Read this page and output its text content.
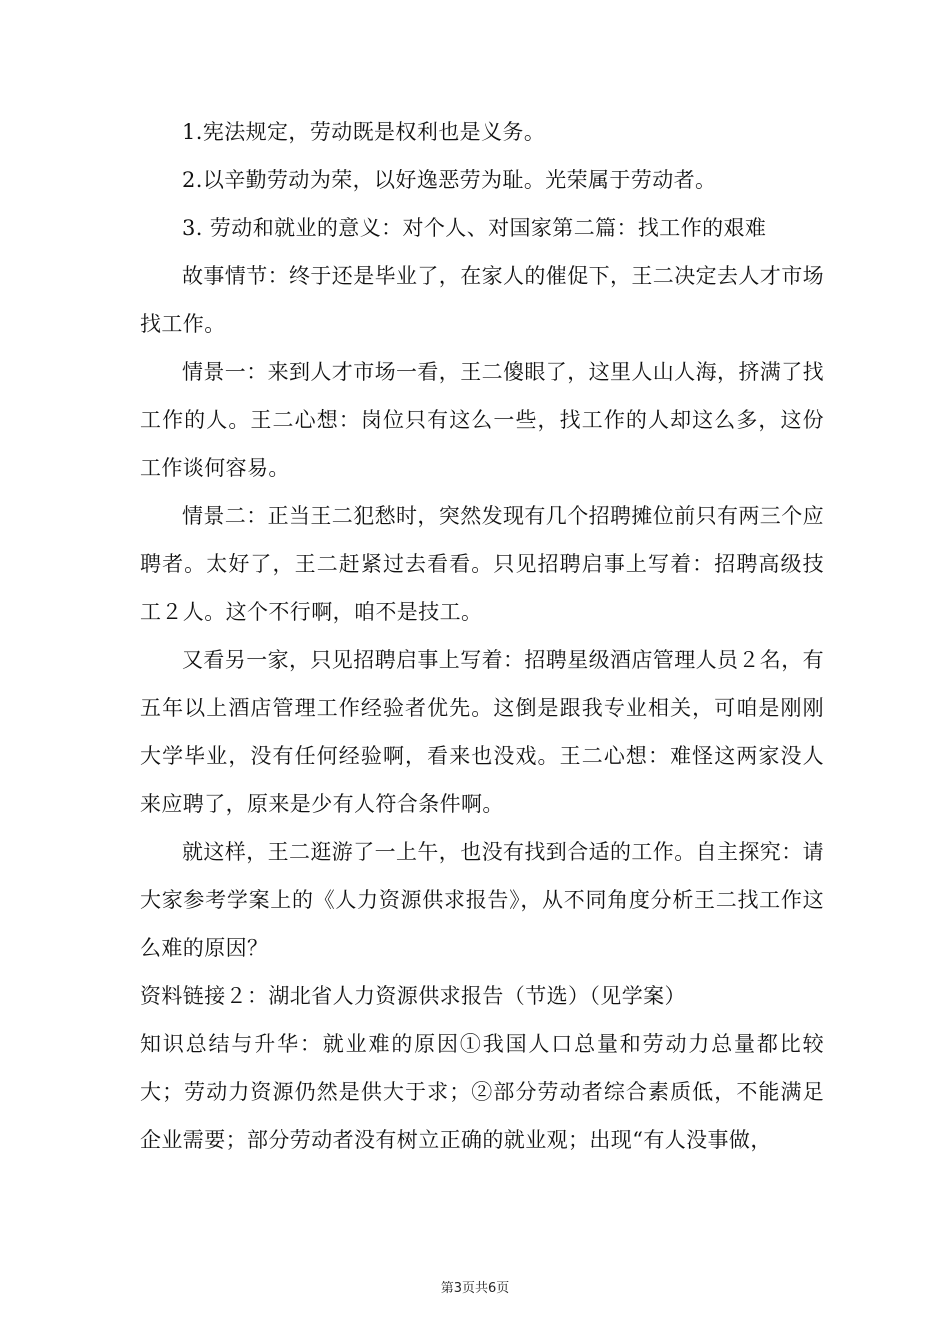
1.宪法规定，劳动既是权利也是义务。

2.以辛勤劳动为荣，以好逸恶劳为耻。光荣属于劳动者。

3. 劳动和就业的意义：对个人、对国家第二篇：找工作的艰难

故事情节：终于还是毕业了，在家人的催促下，王二决定去人才市场找工作。

情景一：来到人才市场一看，王二傻眼了，这里人山人海，挤满了找工作的人。王二心想：岗位只有这么一些，找工作的人却这么多，这份工作谈何容易。

情景二：正当王二犯愁时，突然发现有几个招聘摊位前只有两三个应聘者。太好了，王二赶紧过去看看。只见招聘启事上写着：招聘高级技工２人。这个不行啊，咱不是技工。

又看另一家，只见招聘启事上写着：招聘星级酒店管理人员２名，有五年以上酒店管理工作经验者优先。这倒是跟我专业相关，可咱是刚刚大学毕业，没有任何经验啊，看来也没戏。王二心想：难怪这两家没人来应聘了，原来是少有人符合条件啊。

就这样，王二逛游了一上午，也没有找到合适的工作。自主探究：请大家参考学案上的《人力资源供求报告》，从不同角度分析王二找工作这么难的原因？

资料链接２：湖北省人力资源供求报告（节选）（见学案）

知识总结与升华：就业难的原因①我国人口总量和劳动力总量都比较大；劳动力资源仍然是供大于求；②部分劳动者综合素质低，不能满足企业需要；部分劳动者没有树立正确的就业观；出现“有人没事做，

第3页共6页
